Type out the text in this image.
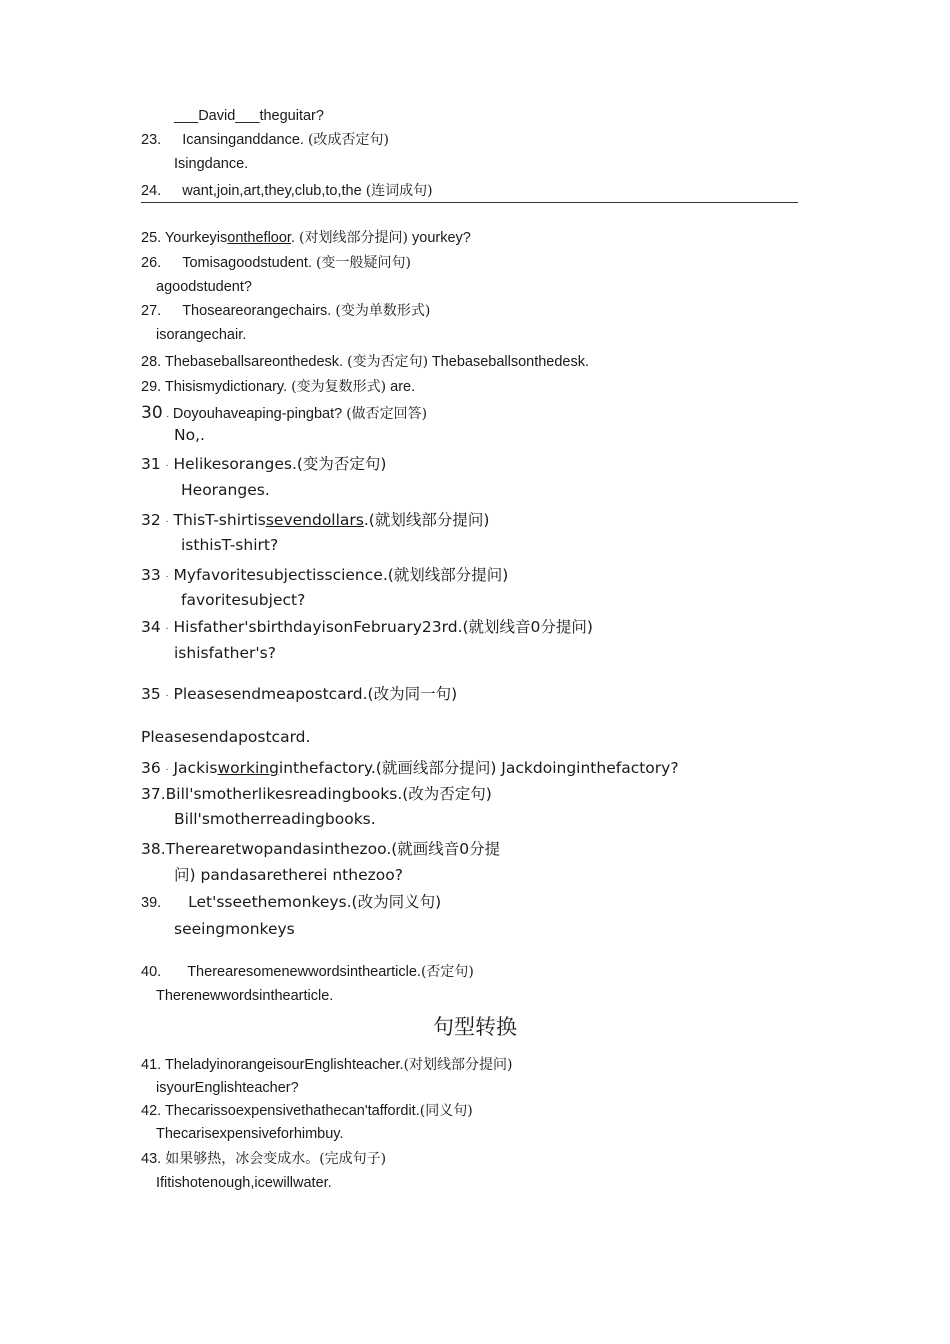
___David___theguitar?
23. Icansinganddance. (改成否定句)
Isingdance.
24. want,join,art,they,club,to,the (连词成句)
25. Yourkeyisonthefloor. (对划线部分提问) yourkey?
26. Tomisagoodstudent. (变一般疑问句)
agoodstudent?
27. Thoseareorangechairs. (变为单数形式)
isorangechair.
28. Thebaseballsareonthedesk. (变为否定句) Thebaseballsonthedesk.
29. Thisismydictionary. (变为复数形式) are.
30 . Doyouhaveaping-pingbat? (做否定回答)
No,.
31 . Helikesoranges.(变为否定句)
Heoranges.
32 . ThisT-shirtissevendollars.(就划线部分提问)
isthisT-shirt?
33 . Myfavoritesubjectisscience.(就划线部分提问)
favoritesubject?
34 . Hisfather'sbirthdayisonFebruary23rd.(就划线音0分提问)
ishisfather's?
35 . Pleasesendmeapostcard.(改为同一句)
Pleasesendapostcard.
36 . Jackisworkinginthefactory.(就画线部分提问) Jackdoinginthefactory?
37.Bill'smotherlikesreadingbooks.(改为否定句)
Bill'smotherreadingbooks.
38.Therearetwopandasinthezoo.(就画线音0分提
问) pandasaretherei nthezoo?
39. Let'sseethemonkeys.(改为同义句)
seeingmonkeys
40. Therearesomenewwordsinthearticle.(否定句)
Therenewwordsinthearticle.
句型转换
41. TheladyinorangeisourEnglishteacher.(对划线部分提问)
isyourEnglishteacher?
42. Thecarissoexpensivethathecan'taffordit.(同义句)
Thecarisexpensiveforhimbuy.
43. 如果够热，冰会变成水。(完成句子)
Ifitishotenough,icewillwater.
